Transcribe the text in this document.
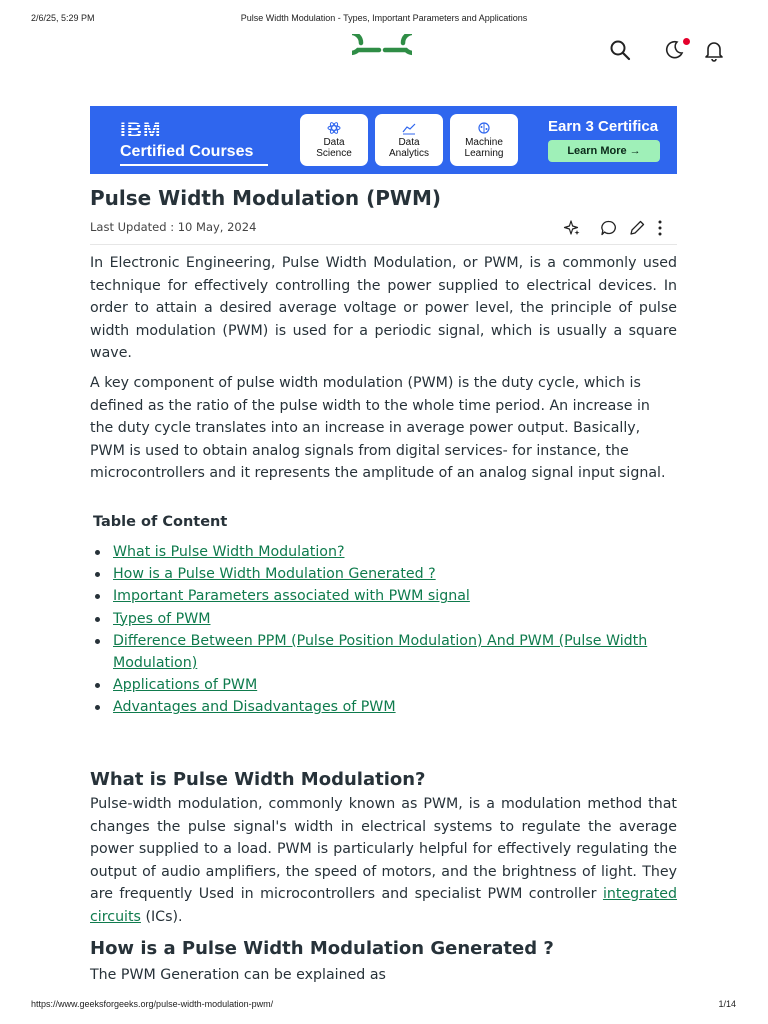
2/6/25, 5:29 PM	Pulse Width Modulation - Types, Important Parameters and Applications
IBM
Certified Courses
Data
Science
Data
Analytics
Machine
Learning
Earn 3 Certifica
Learn More →
Pulse Width Modulation (PWM)
Last Updated : 10 May, 2024

In Electronic Engineering, Pulse Width Modulation, or PWM, is a commonly used technique for effectively controlling the power supplied to electrical devices. In order to attain a desired average voltage or power level, the principle of pulse width modulation (PWM) is used for a periodic signal, which is usually a square wave.

A key component of pulse width modulation (PWM) is the duty cycle, which is defined as the ratio of the pulse width to the whole time period. An increase in the duty cycle translates into an increase in average power output. Basically, PWM is used to obtain analog signals from digital services- for instance, the microcontrollers and it represents the amplitude of an analog signal input signal.

Table of Content
What is Pulse Width Modulation?
How is a Pulse Width Modulation Generated ?
Important Parameters associated with PWM signal
Types of PWM
Difference Between PPM (Pulse Position Modulation) And PWM (Pulse Width Modulation)
Applications of PWM
Advantages and Disadvantages of PWM
What is Pulse Width Modulation?

Pulse-width modulation, commonly known as PWM, is a modulation method that changes the pulse signal's width in electrical systems to regulate the average power supplied to a load. PWM is particularly helpful for effectively regulating the output of audio amplifiers, the speed of motors, and the brightness of light. They are frequently Used in microcontrollers and specialist PWM controller integrated circuits (ICs).

How is a Pulse Width Modulation Generated ?

The PWM Generation can be explained as

https://www.geeksforgeeks.org/pulse-width-modulation-pwm/	1/14
